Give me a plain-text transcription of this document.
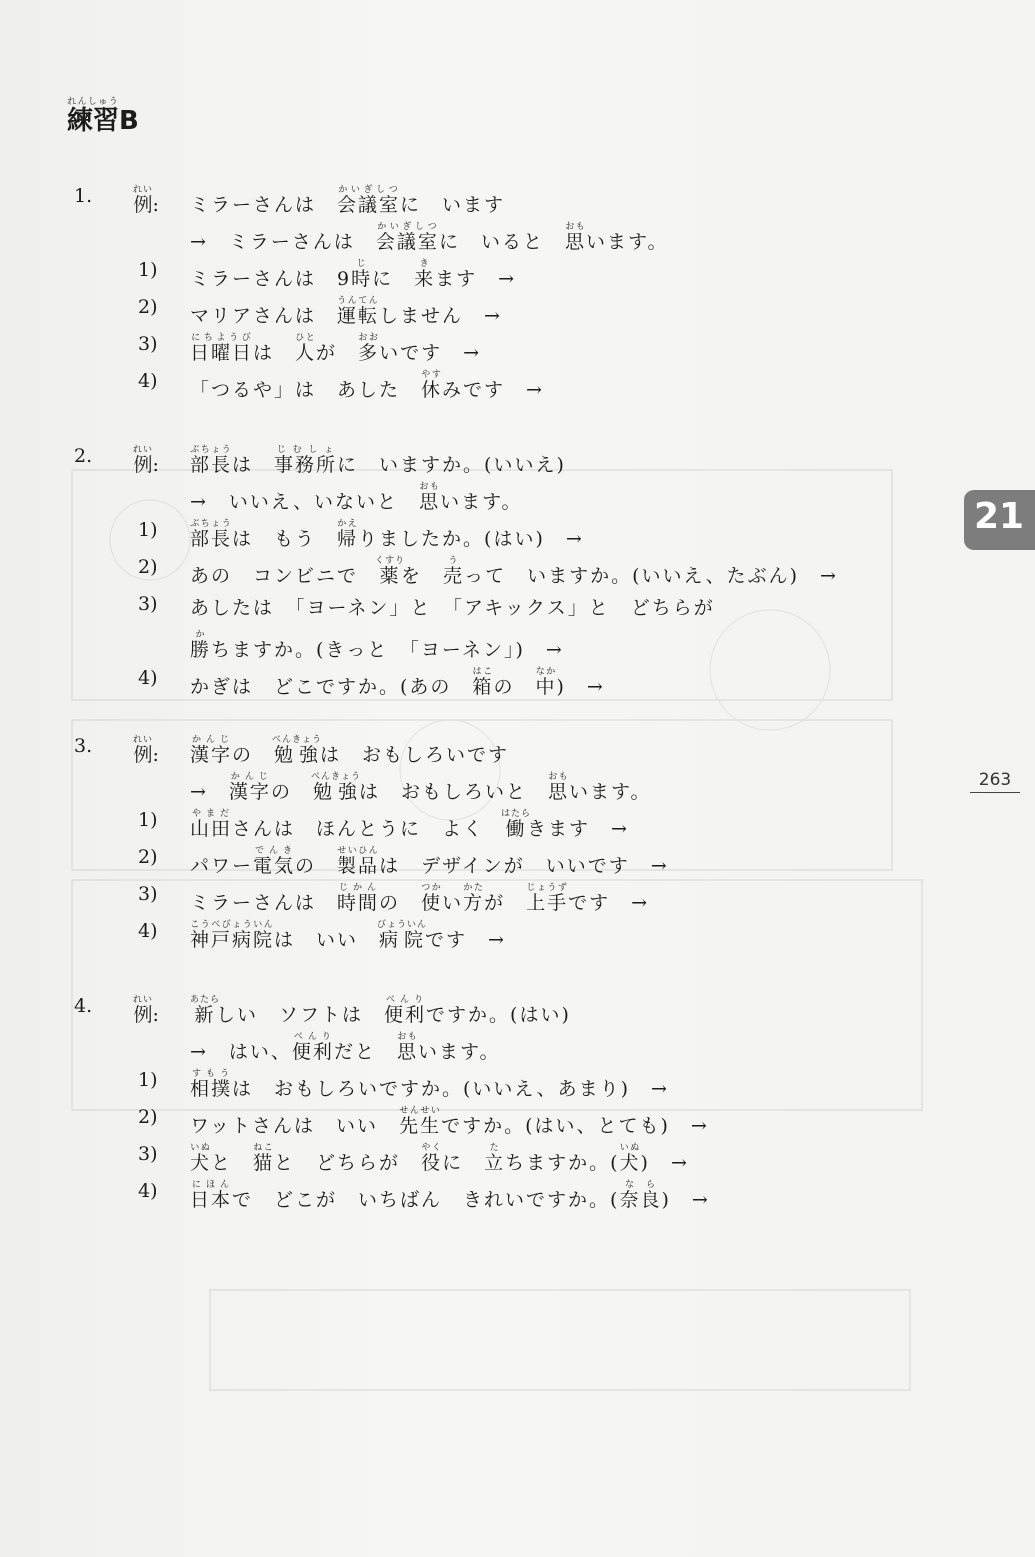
練習れんしゅうB
1. 例れい: ミラーさんは　会議室かいぎしつに　います
→　ミラーさんは　会議室かいぎしつに　いると　思おもいます。
1) ミラーさんは　9時じに　来きます　→
2) マリアさんは　運転うんてんしません　→
3) 日曜日にちようびは　人ひとが　多おおいです　→
4) 「つるや」は　あした　休やすみです　→
2. 例れい: 部長ぶちょうは　事務所じむしょに　いますか。(いいえ)
→　いいえ、いないと　思おもいます。
1) 部長ぶちょうは　もう　帰かえりましたか。(はい)　→
2) あの　コンビニで　薬くすりを　売うって　いますか。(いいえ、たぶん)　→
3) あしたは　「ヨーネン」と　「アキックス」と　どちらが
勝かちますか。(きっと　「ヨーネン」)　→
4) かぎは　どこですか。(あの　箱はこの　中なか)　→
3. 例れい: 漢字かんじの　勉強べんきょうは　おもしろいです
→　漢字かんじの　勉強べんきょうは　おもしろいと　思おもいます。
1) 山田やまださんは　ほんとうに　よく　働はたらきます　→
2) パワー電気でんきの　製品せいひんは　デザインが　いいです　→
3) ミラーさんは　時間じかんの　使つかい方かたが　上手じょうずです　→
4) 神戸病院こうべびょういんは　いい　病院びょういんです　→
4. 例れい: 新あたらしい　ソフトは　便利べんりですか。(はい)
→　はい、便利べんりだと　思おもいます。
1) 相撲すもうは　おもしろいですか。(いいえ、あまり)　→
2) ワットさんは　いい　先生せんせいですか。(はい、とても)　→
3) 犬いぬと　猫ねこと　どちらが　役やくに　立たちますか。(犬いぬ)　→
4) 日本にほんで　どこが　いちばん　きれいですか。(奈良なら)　→
21
263
